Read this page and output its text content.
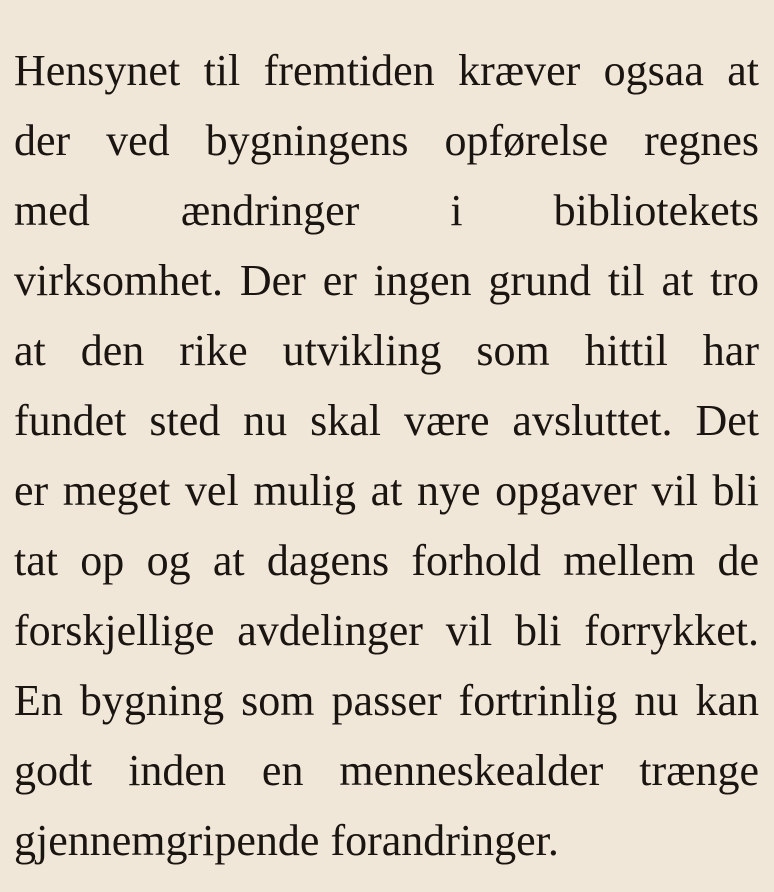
Hensynet til fremtiden kræver ogsaa at
der ved bygningens opførelse regnes
med ændringer i bibliotekets
virksomhet. Der er ingen grund til at tro
at den rike utvikling som hittil har
fundet sted nu skal være avsluttet. Det
er meget vel mulig at nye opgaver vil bli
tat op og at dagens forhold mellem de
forskjellige avdelinger vil bli forrykket.
En bygning som passer fortrinlig nu kan
godt inden en menneskealder trænge
gjennemgripende forandringer.
